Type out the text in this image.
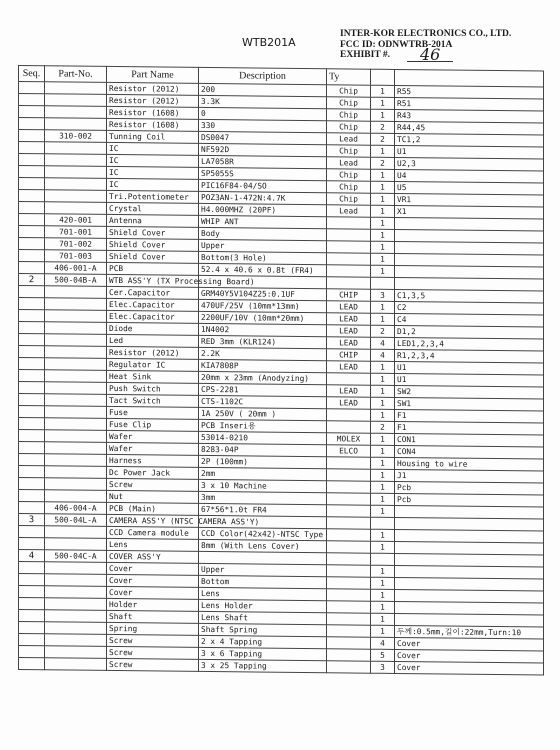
WTB201A
INTER-KOR ELECTRONICS CO., LTD.
FCC ID: ODNWTRB-201A
EXHIBIT #.	46
Seq.	Part-No.	Part Name	Description	Ty		
		Resistor (2012)	200	Chip	1	R55
		Resistor (2012)	3.3K	Chip	1	R51
		Resistor (1608)	0	Chip	1	R43
		Resistor (1608)	330	Chip	2	R44,45
	310-002	Tunning Coil	DS0047	Lead	2	TC1,2
		IC	NF592D	Chip	1	U1
		IC	LA7058R	Lead	2	U2,3
		IC	SP5055S	Chip	1	U4
		IC	PIC16F84-04/SO	Chip	1	U5
		Tri.Potentiometer	POZ3AN-1-472N:4.7K	Chip	1	VR1
		Crystal	H4.000MHZ (20PF)	Lead	1	X1
	420-001	Antenna	WHIP ANT		1	
	701-001	Shield Cover	Body		1	
	701-002	Shield Cover	Upper		1	
	701-003	Shield Cover	Bottom(3 Hole)		1	
	406-001-A	PCB	52.4 x 40.6 x 0.8t (FR4)		1	
2	500-04B-A	WTB ASS'Y (TX Processing Board)				
		Cer.Capacitor	GRM40Y5V104Z25:0.1UF	CHIP	3	C1,3,5
		Elec.Capacitor	470UF/25V (10mm*13mm)	LEAD	1	C2
		Elec.Capacitor	2200UF/10V (10mm*20mm)	LEAD	1	C4
		Diode	1N4002	LEAD	2	D1,2
		Led	RED 3mm (KLR124)	LEAD	4	LED1,2,3,4
		Resistor (2012)	2.2K	CHIP	4	R1,2,3,4
		Regulator IC	KIA7808P	LEAD	1	U1
		Heat Sink	20mm x 23mm (Anodyzing)		1	U1
		Push Switch	CPS-2281	LEAD	1	SW2
		Tact Switch	CTS-1102C	LEAD	1	SW1
		Fuse	1A 250V ( 20mm )		1	F1
		Fuse Clip	PCB Inseri용		2	F1
		Wafer	53014-0210	MOLEX	1	CON1
		Wafer	8283-04P	ELCO	1	CON4
		Harness	2P (100mm)		1	Housing to wire
		Dc Power Jack	2mm		1	J1
		Screw	3 x 10 Machine		1	Pcb
		Nut	3mm		1	Pcb
	406-004-A	PCB (Main)	67*56*1.0t FR4		1	
3	500-04L-A	CAMERA ASS'Y (NTSC CAMERA ASS'Y)				
		CCD Camera module	CCD Color(42x42)-NTSC Type		1	
		Lens	8mm (With Lens Cover)		1	
4	500-04C-A	COVER ASS'Y				
		Cover	Upper		1	
		Cover	Bottom		1	
		Cover	Lens		1	
		Holder	Lens Holder		1	
		Shaft	Lens Shaft		1	
		Spring	Shaft Spring		1	두께:0.5mm,길이:22mm,Turn:10
		Screw	2 x 4 Tapping		4	Cover
		Screw	3 x 6 Tapping		5	Cover
		Screw	3 x 25 Tapping		3	Cover
